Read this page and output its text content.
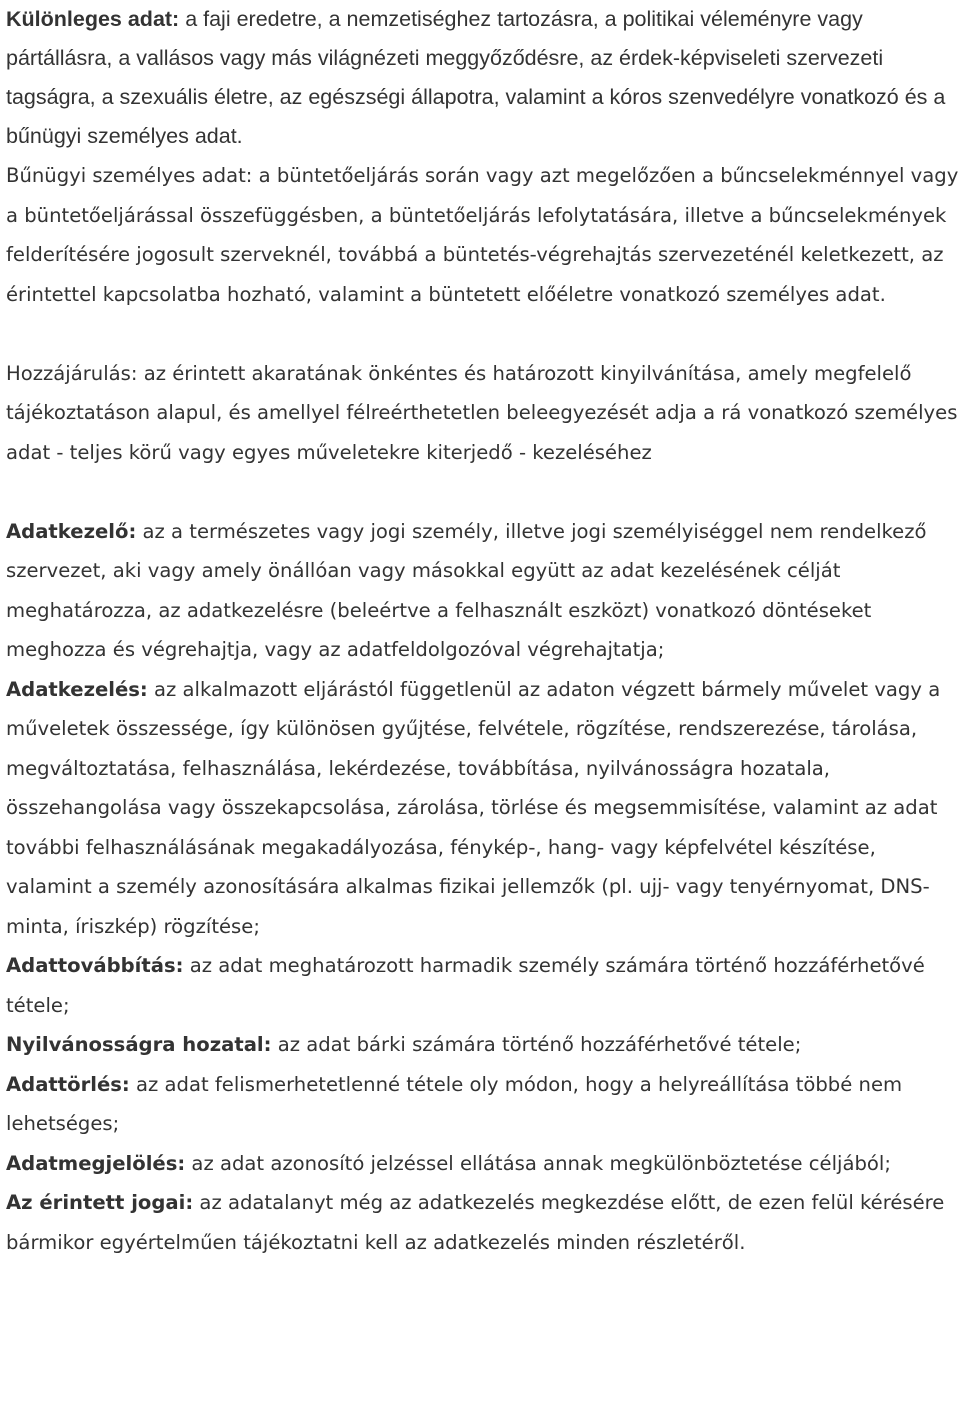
Különleges adat: a faji eredetre, a nemzetiséghez tartozásra, a politikai véleményre vagy pártállásra, a vallásos vagy más világnézeti meggyőződésre, az érdek-képviseleti szervezeti tagságra, a szexuális életre, az egészségi állapotra, valamint a kóros szenvedélyre vonatkozó és a bűnügyi személyes adat.

Bűnügyi személyes adat: a büntetőeljárás során vagy azt megelőzően a bűncselekménnyel vagy a büntetőeljárással összefüggésben, a büntetőeljárás lefolytatására, illetve a bűncselekmények felderítésére jogosult szerveknél, továbbá a büntetés-végrehajtás szervezeténél keletkezett, az érintettel kapcsolatba hozható, valamint a büntetett előéletre vonatkozó személyes adat.

Hozzájárulás: az érintett akaratának önkéntes és határozott kinyilvánítása, amely megfelelő tájékoztatáson alapul, és amellyel félreérthetetlen beleegyezését adja a rá vonatkozó személyes adat - teljes körű vagy egyes műveletekre kiterjedő - kezeléséhez

Adatkezelő: az a természetes vagy jogi személy, illetve jogi személyiséggel nem rendelkező szervezet, aki vagy amely önállóan vagy másokkal együtt az adat kezelésének célját meghatározza, az adatkezelésre (beleértve a felhasznált eszközt) vonatkozó döntéseket meghozza és végrehajtja, vagy az adatfeldolgozóval végrehajtatja;

Adatkezelés: az alkalmazott eljárástól függetlenül az adaton végzett bármely művelet vagy a műveletek összessége, így különösen gyűjtése, felvétele, rögzítése, rendszerezése, tárolása, megváltoztatása, felhasználása, lekérdezése, továbbítása, nyilvánosságra hozatala, összehangolása vagy összekapcsolása, zárolása, törlése és megsemmisítése, valamint az adat további felhasználásának megakadályozása, fénykép-, hang- vagy képfelvétel készítése, valamint a személy azonosítására alkalmas fizikai jellemzők (pl. ujj- vagy tenyérnyomat, DNS-minta, íriszkép) rögzítése;

Adattovábbítás: az adat meghatározott harmadik személy számára történő hozzáférhetővé tétele;

Nyilvánosságra hozatal: az adat bárki számára történő hozzáférhetővé tétele;

Adattörlés: az adat felismerhetetlenné tétele oly módon, hogy a helyreállítása többé nem lehetséges;

Adatmegjelölés: az adat azonosító jelzéssel ellátása annak megkülönböztetése céljából;

Az érintett jogai: az adatalanyt még az adatkezelés megkezdése előtt, de ezen felül kérésére bármikor egyértelműen tájékoztatni kell az adatkezelés minden részletéről.
